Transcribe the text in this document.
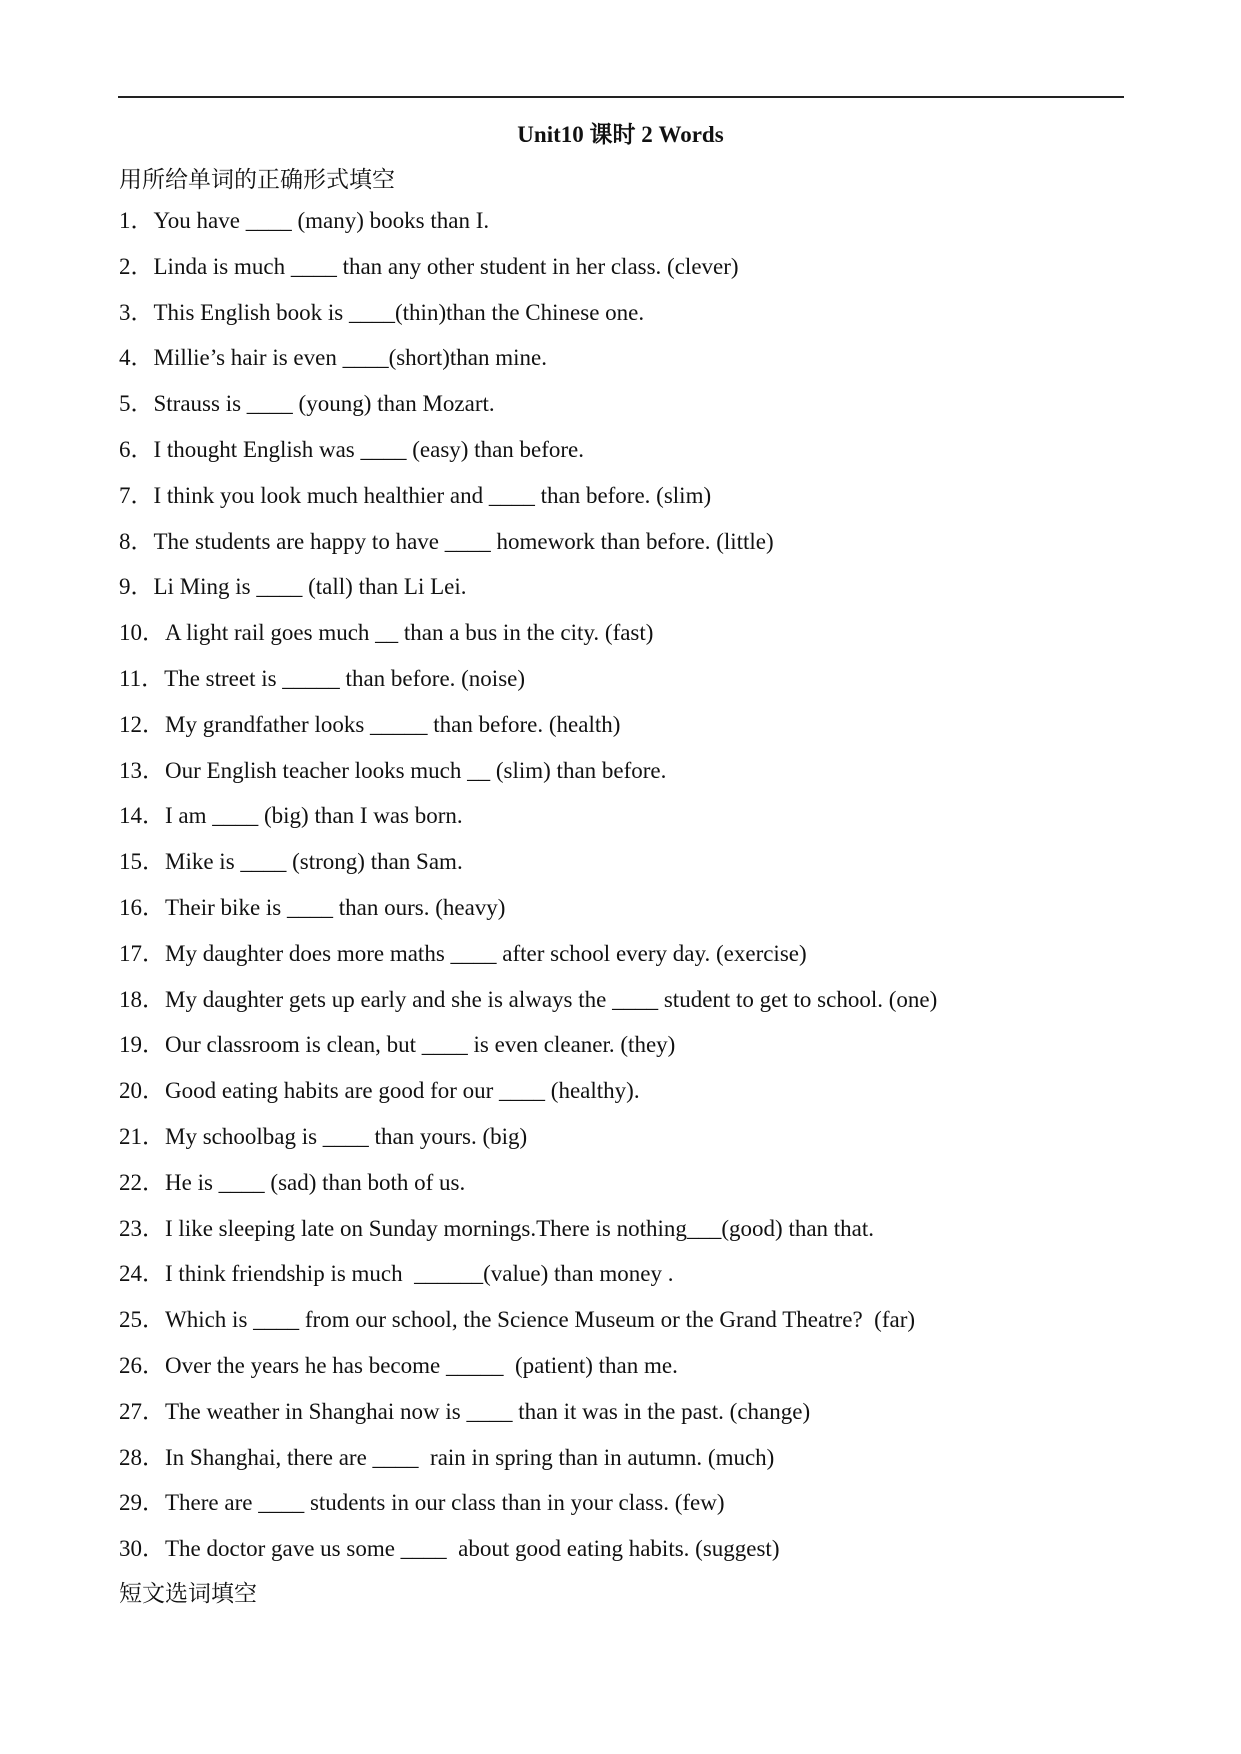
Unit10 课时 2 Words
用所给单词的正确形式填空
1．You have ____ (many) books than I.
2．Linda is much ____ than any other student in her class. (clever)
3．This English book is ____(thin)than the Chinese one.
4．Millie’s hair is even ____(short)than mine.
5．Strauss is ____ (young) than Mozart.
6．I thought English was ____ (easy) than before.
7．I think you look much healthier and ____ than before. (slim)
8．The students are happy to have ____ homework than before. (little)
9．Li Ming is ____ (tall) than Li Lei.
10．A light rail goes much __ than a bus in the city. (fast)
11．The street is _____ than before. (noise)
12．My grandfather looks _____ than before. (health)
13．Our English teacher looks much __ (slim) than before.
14．I am ____ (big) than I was born.
15．Mike is ____ (strong) than Sam.
16．Their bike is ____ than ours. (heavy)
17．My daughter does more maths ____ after school every day. (exercise)
18．My daughter gets up early and she is always the ____ student to get to school. (one)
19．Our classroom is clean, but ____ is even cleaner. (they)
20．Good eating habits are good for our ____ (healthy).
21．My schoolbag is ____ than yours. (big)
22．He is ____ (sad) than both of us.
23．I like sleeping late on Sunday mornings.There is nothing___(good) than that.
24．I think friendship is much  ______(value) than money .
25．Which is ____ from our school, the Science Museum or the Grand Theatre?  (far)
26．Over the years he has become _____  (patient) than me.
27．The weather in Shanghai now is ____ than it was in the past. (change)
28．In Shanghai, there are ____  rain in spring than in autumn. (much)
29．There are ____ students in our class than in your class. (few)
30．The doctor gave us some ____  about good eating habits. (suggest)
短文选词填空
